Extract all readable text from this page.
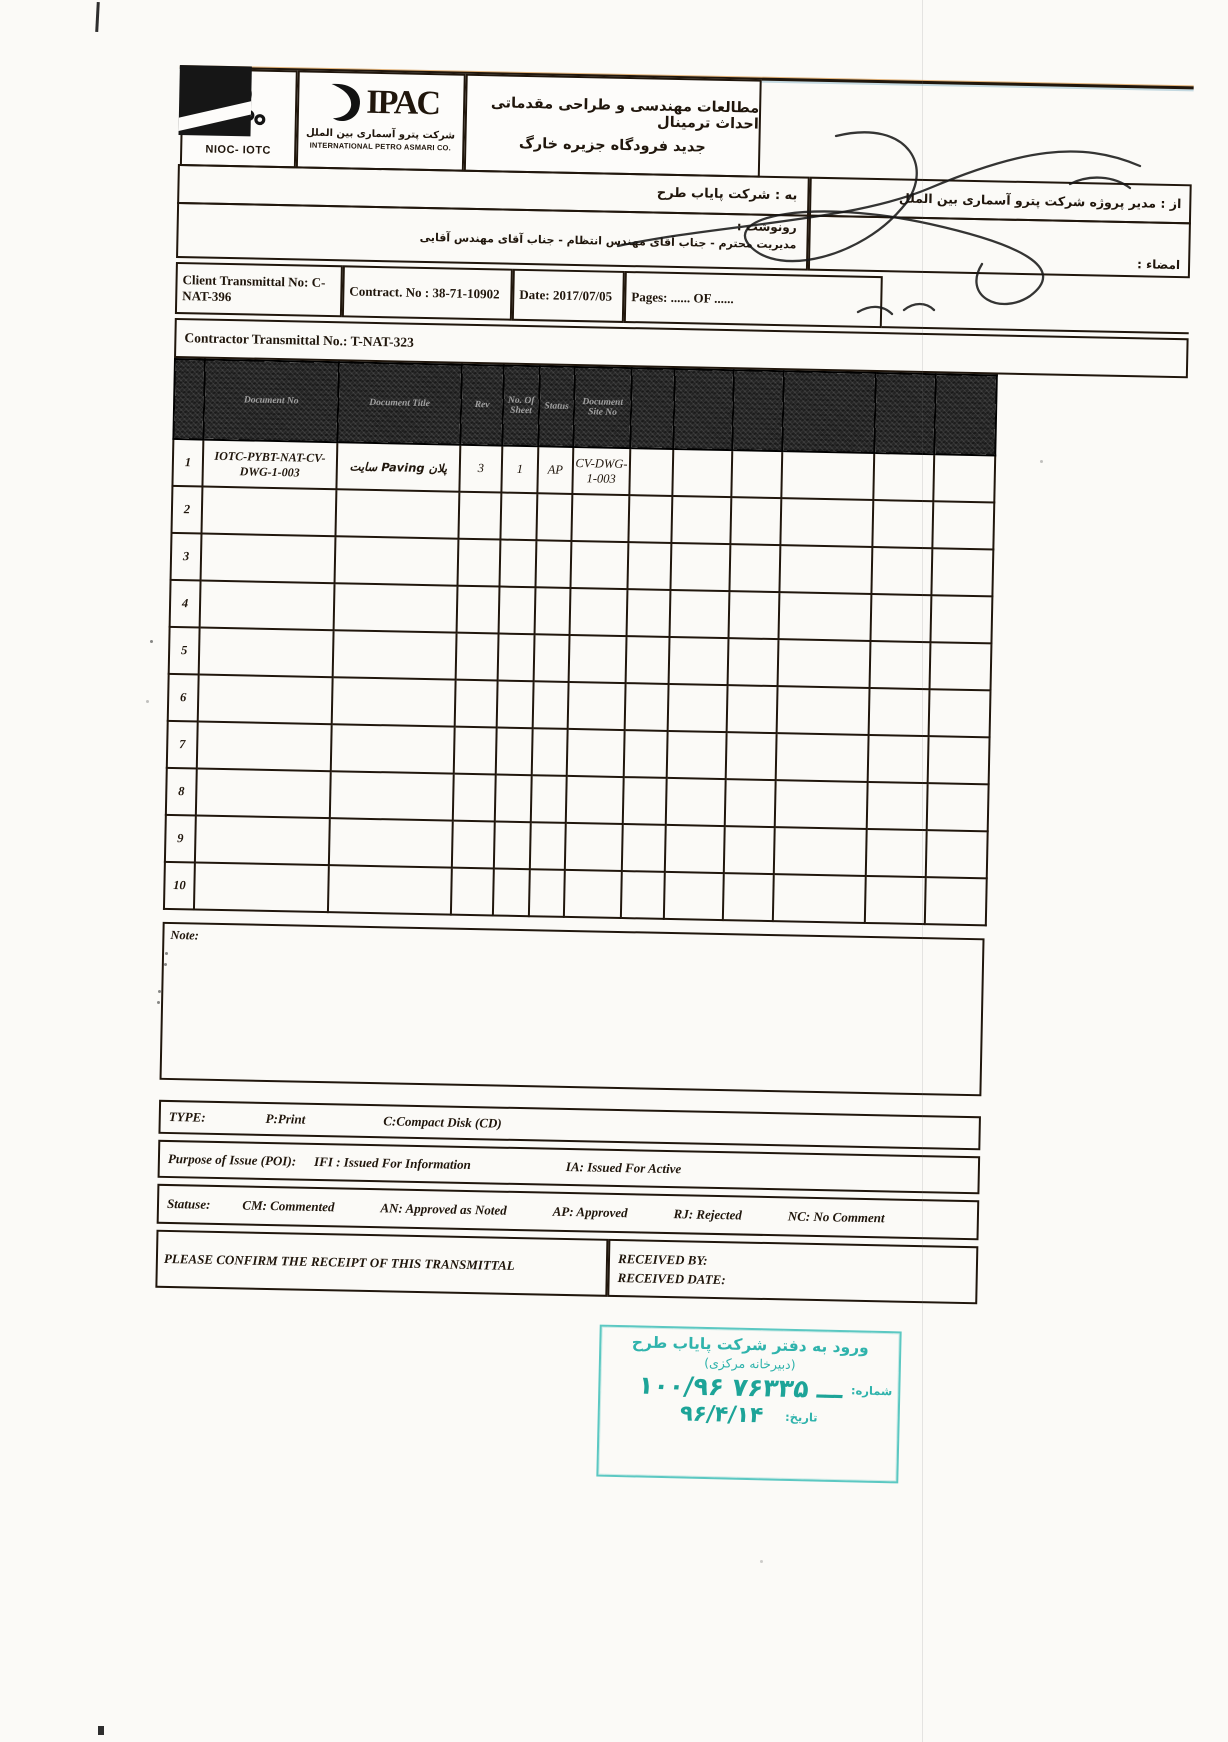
NIOC- IOTC
IPAC
شرکت پترو آسماری بین الملل
INTERNATIONAL PETRO ASMARI CO.
مطالعات مهندسی و طراحی مقدماتی احداث ترمینال
جدید فرودگاه جزیره خارگ
به : شرکت پایاب طرح	از : مدیر پروژه شرکت پترو آسماری بین الملل
رونوشت :
مدیریت محترم - جناب آقای مهندس انتظام - جناب آقای مهندس آقایی
امضاء :
Client Transmittal No: C-NAT-396	Contract. No : 38-71-10902	Date: 2017/07/05	Pages: ...... OF ......
Contractor Transmittal No.: T-NAT-323
	Document No	Document Title	Rev	No. Of Sheet	Status	Document Site No						
1	IOTC-PYBT-NAT-CV-DWG-1-003	پلان Paving سایت	3	1	AP	CV-DWG-1-003						
2												
3												
4												
5												
6												
7												
8												
9												
10												
Note:
TYPE:	P:Print	C:Compact Disk (CD)
Purpose of Issue (POI): IFI : Issued For Information	IA: Issued For Active
Statuse: CM: Commented	AN: Approved as Noted	AP: Approved	RJ: Rejected	NC: No Comment
PLEASE CONFIRM THE RECEIPT OF THIS TRANSMITTAL	RECEIVED BY:
RECEIVED DATE:
ورود به دفتر شرکت پایاب طرح
(دبیرخانه مرکزی)
شماره:
۱۰۰/۹۶ ـــ ۷۶۳۳۵
تاریخ:
۹۶/۴/۱۴
